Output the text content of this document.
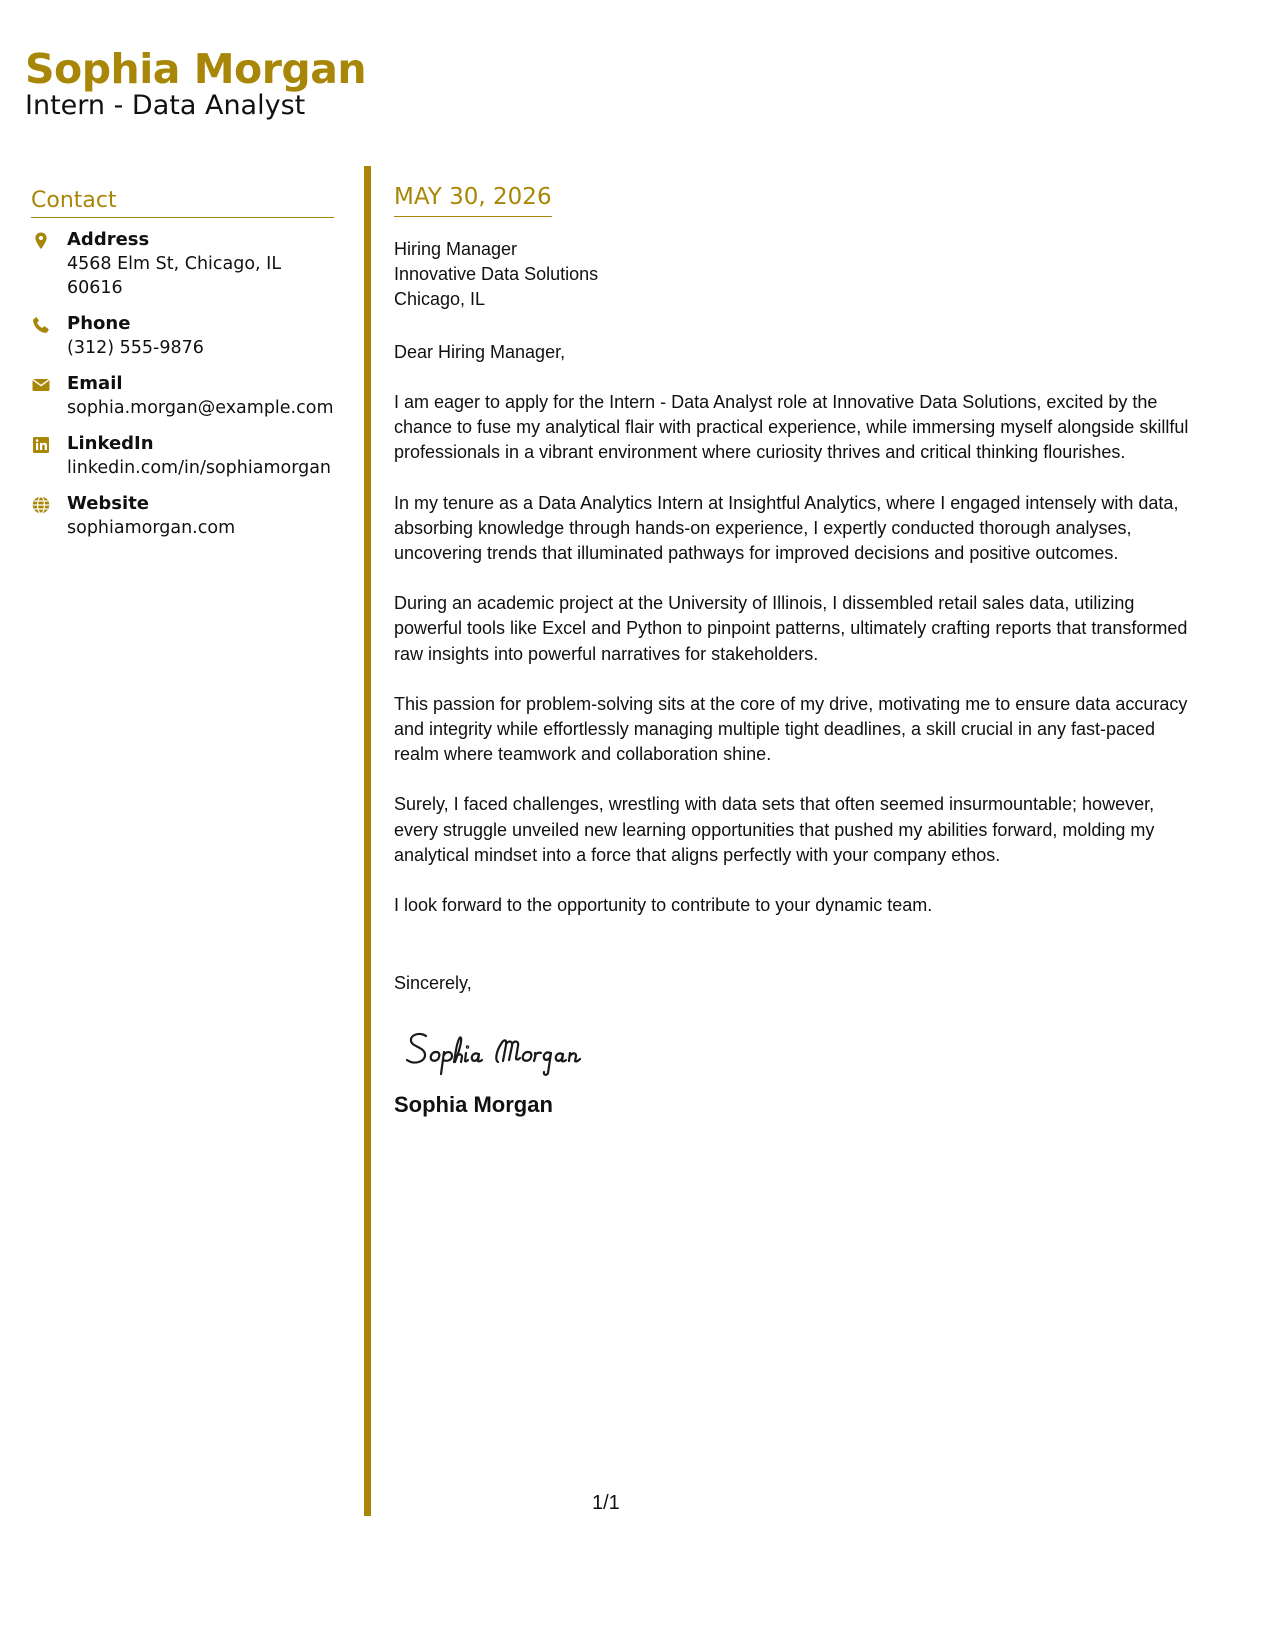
Sophia Morgan
Intern - Data Analyst
Contact
Address
4568 Elm St, Chicago, IL 60616
Phone
(312) 555-9876
Email
sophia.morgan@example.com
LinkedIn
linkedin.com/in/sophiamorgan
Website
sophiamorgan.com
MAY 30, 2026
Hiring Manager
Innovative Data Solutions
Chicago, IL
Dear Hiring Manager,
I am eager to apply for the Intern - Data Analyst role at Innovative Data Solutions, excited by the chance to fuse my analytical flair with practical experience, while immersing myself alongside skillful professionals in a vibrant environment where curiosity thrives and critical thinking flourishes.
In my tenure as a Data Analytics Intern at Insightful Analytics, where I engaged intensely with data, absorbing knowledge through hands-on experience, I expertly conducted thorough analyses, uncovering trends that illuminated pathways for improved decisions and positive outcomes.
During an academic project at the University of Illinois, I dissembled retail sales data, utilizing powerful tools like Excel and Python to pinpoint patterns, ultimately crafting reports that transformed raw insights into powerful narratives for stakeholders.
This passion for problem-solving sits at the core of my drive, motivating me to ensure data accuracy and integrity while effortlessly managing multiple tight deadlines, a skill crucial in any fast-paced realm where teamwork and collaboration shine.
Surely, I faced challenges, wrestling with data sets that often seemed insurmountable; however, every struggle unveiled new learning opportunities that pushed my abilities forward, molding my analytical mindset into a force that aligns perfectly with your company ethos.
I look forward to the opportunity to contribute to your dynamic team.
Sincerely,
Sophia Morgan
1/1
